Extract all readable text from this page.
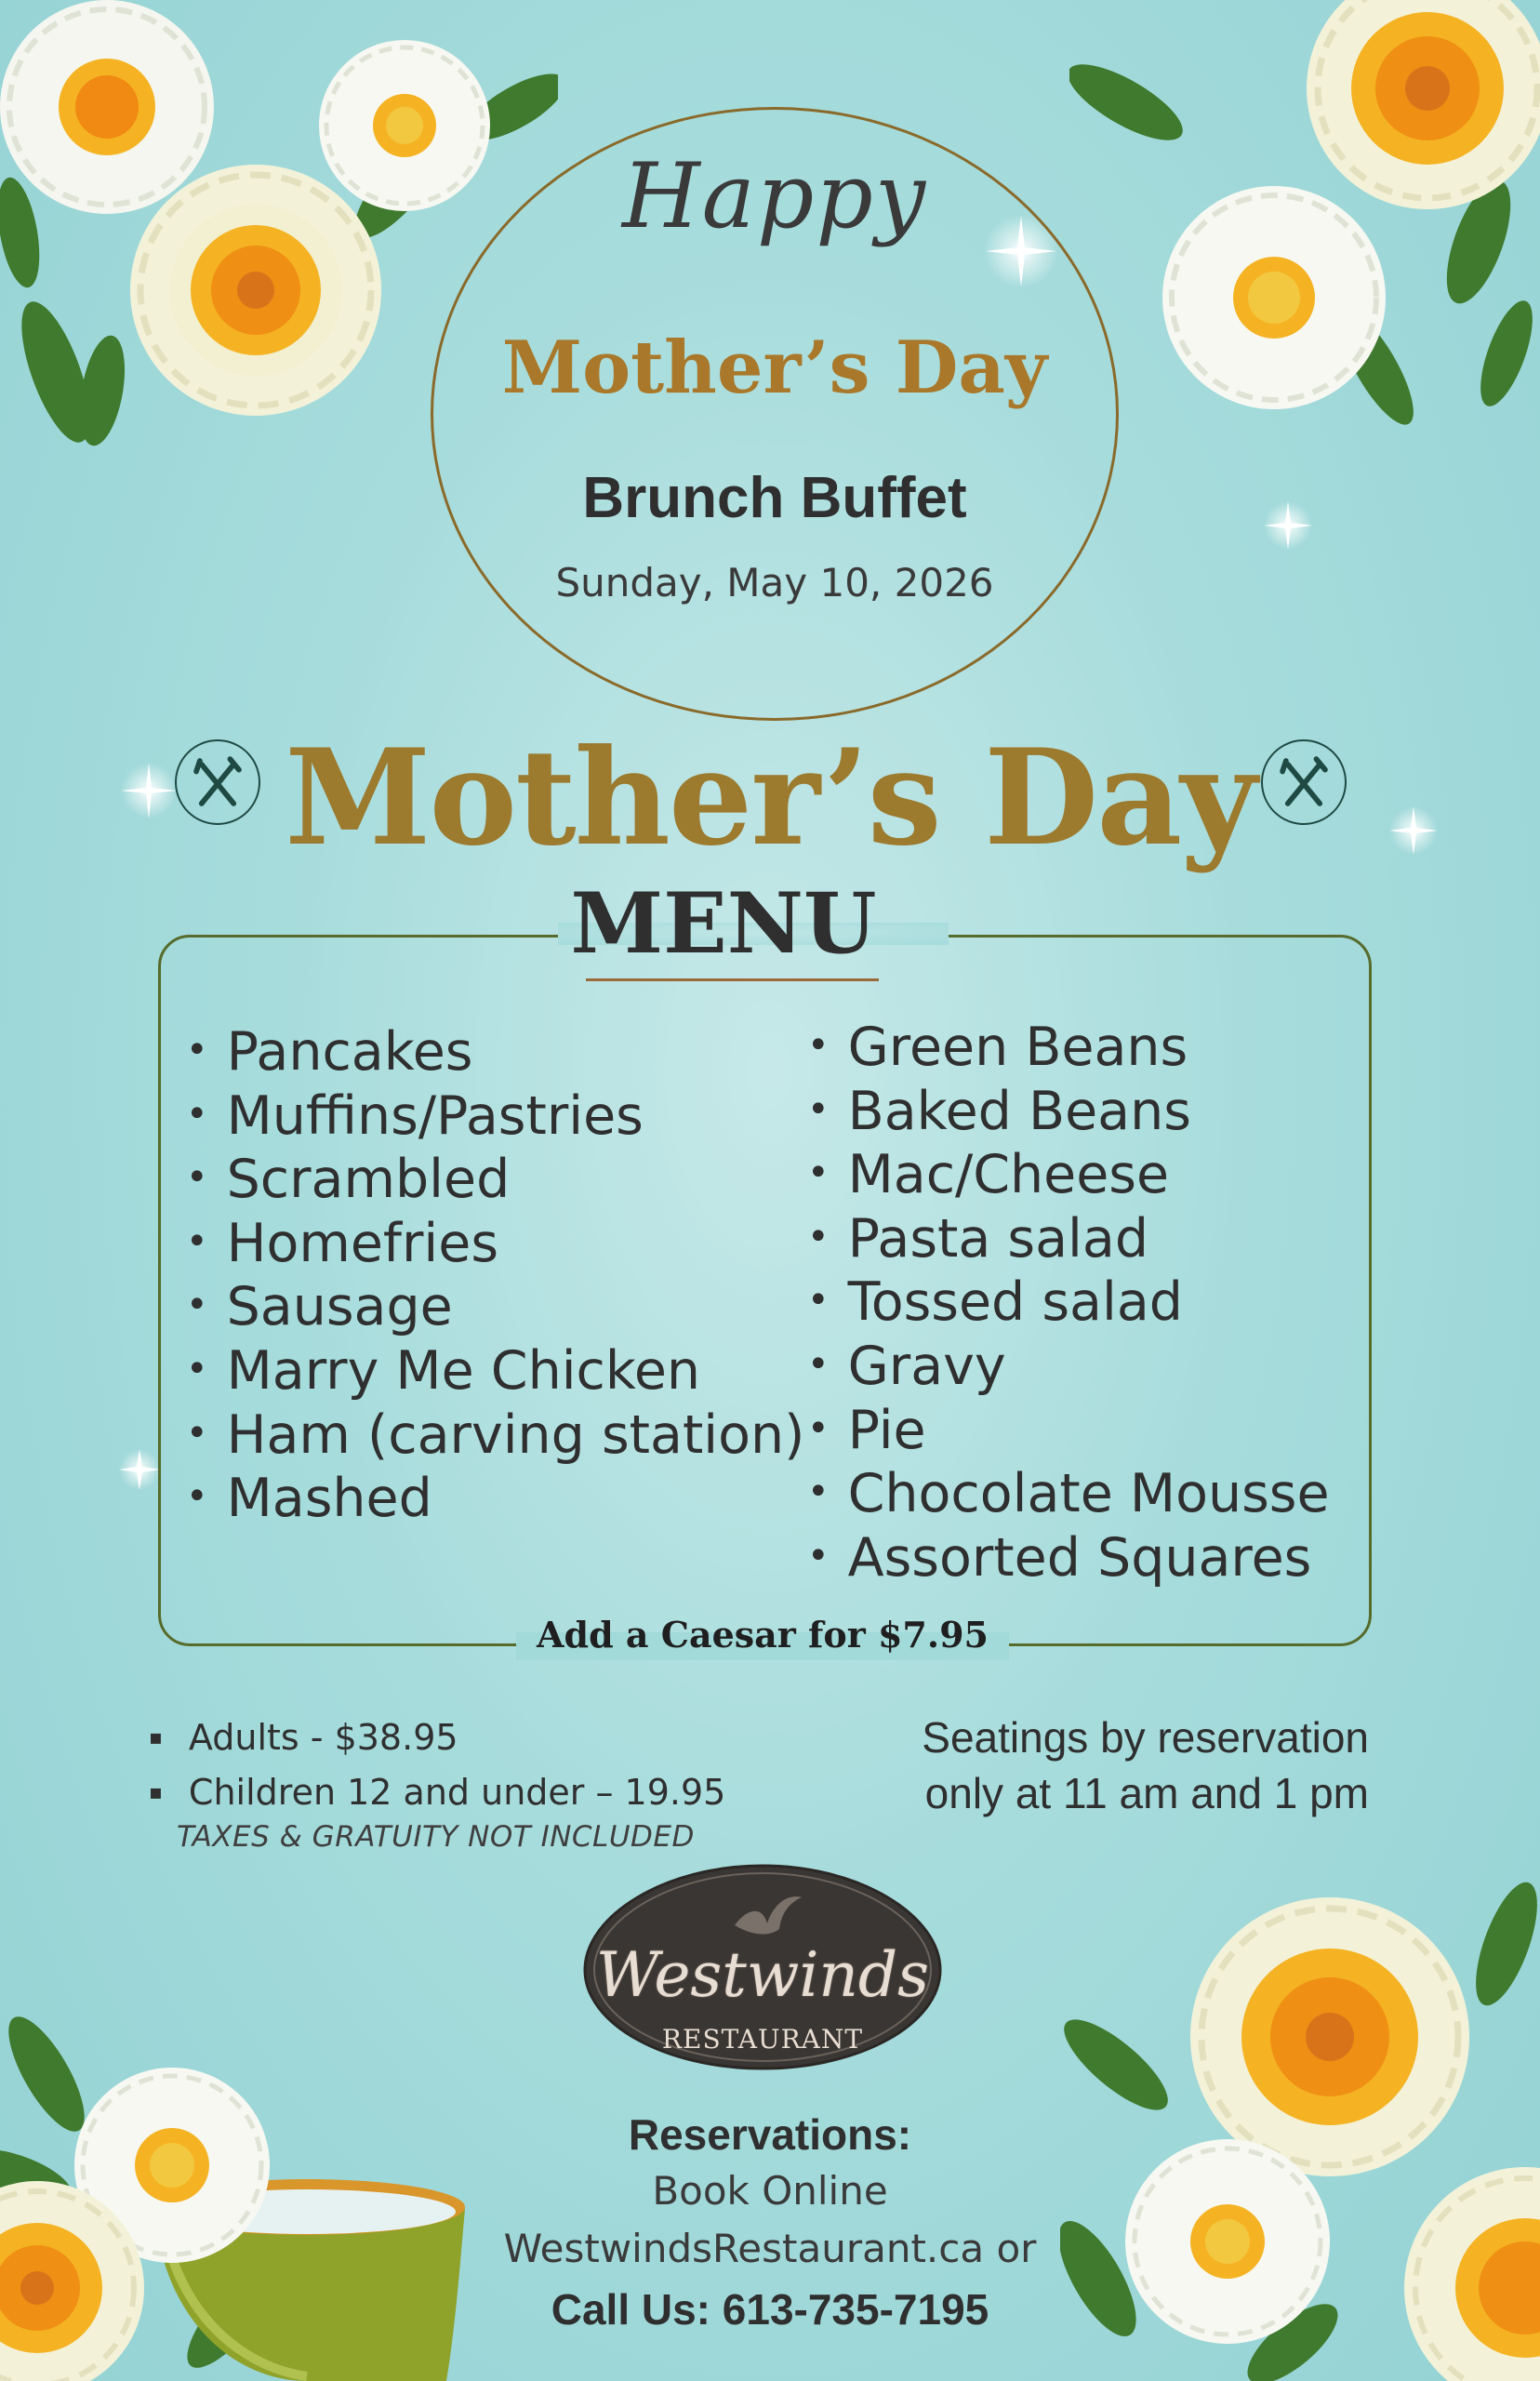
Happy
Mother’s Day
Brunch Buffet
Sunday, May 10, 2026
Mother’s Day
MENU
• Pancakes
• Muffins/Pastries
• Scrambled
• Homefries
• Sausage
• Marry Me Chicken
• Ham (carving station)
• Mashed
• Green Beans
• Baked Beans
• Mac/Cheese
• Pasta salad
• Tossed salad
• Gravy
• Pie
• Chocolate Mousse
• Assorted Squares
Add a Caesar for $7.95
▪ Adults - $38.95
▪ Children 12 and under – 19.95
TAXES & GRATUITY NOT INCLUDED
Seatings by reservation
only at 11 am and 1 pm
Westwinds
RESTAURANT
Reservations:
Book Online
WestwindsRestaurant.ca or
Call Us: 613-735-7195
